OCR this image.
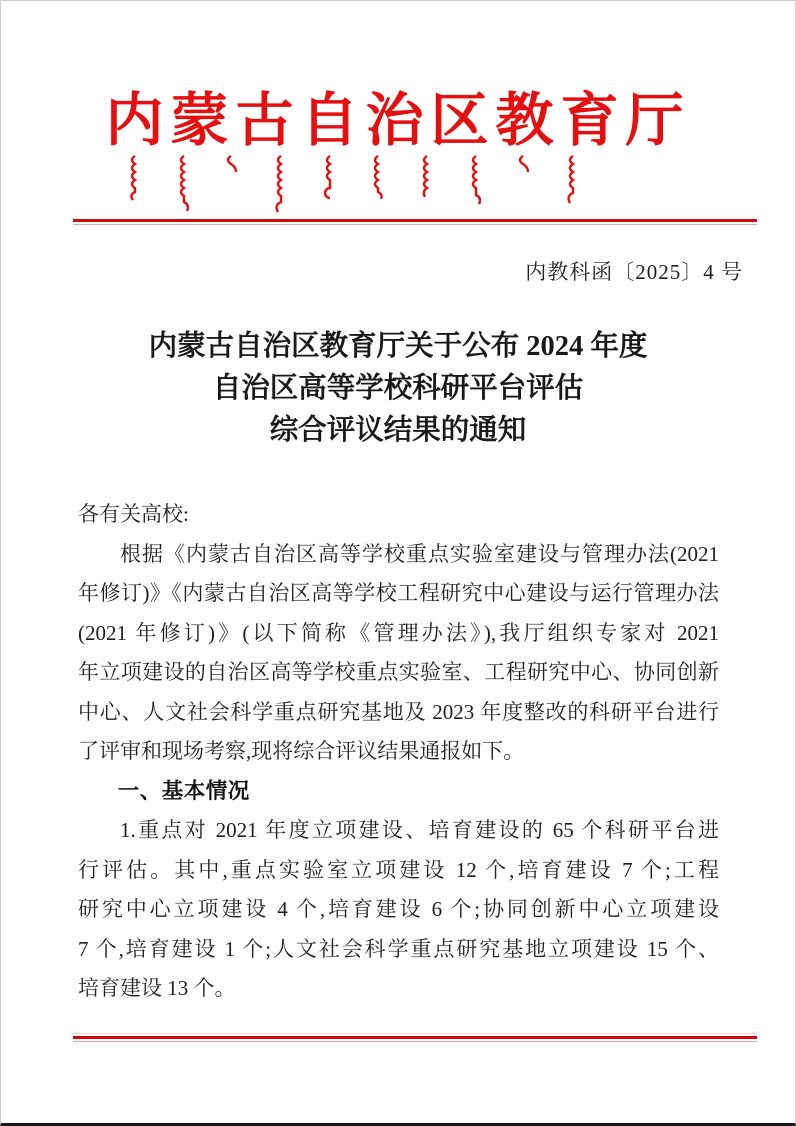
内蒙古自治区教育厅
内教科函〔2025〕4 号
内蒙古自治区教育厅关于公布 2024 年度
自治区高等学校科研平台评估
综合评议结果的通知
各有关高校:
根据《内蒙古自治区高等学校重点实验室建设与管理办法(2021
年修订)》《内蒙古自治区高等学校工程研究中心建设与运行管理办法
(2021 年修订)》(以下简称《管理办法》),我厅组织专家对 2021
年立项建设的自治区高等学校重点实验室、工程研究中心、协同创新
中心、人文社会科学重点研究基地及 2023 年度整改的科研平台进行
了评审和现场考察,现将综合评议结果通报如下。
一、基本情况
1.重点对 2021 年度立项建设、培育建设的 65 个科研平台进
行评估。其中,重点实验室立项建设 12 个,培育建设 7 个;工程
研究中心立项建设 4 个,培育建设 6 个;协同创新中心立项建设
7 个,培育建设 1 个;人文社会科学重点研究基地立项建设 15 个、
培育建设 13 个。
